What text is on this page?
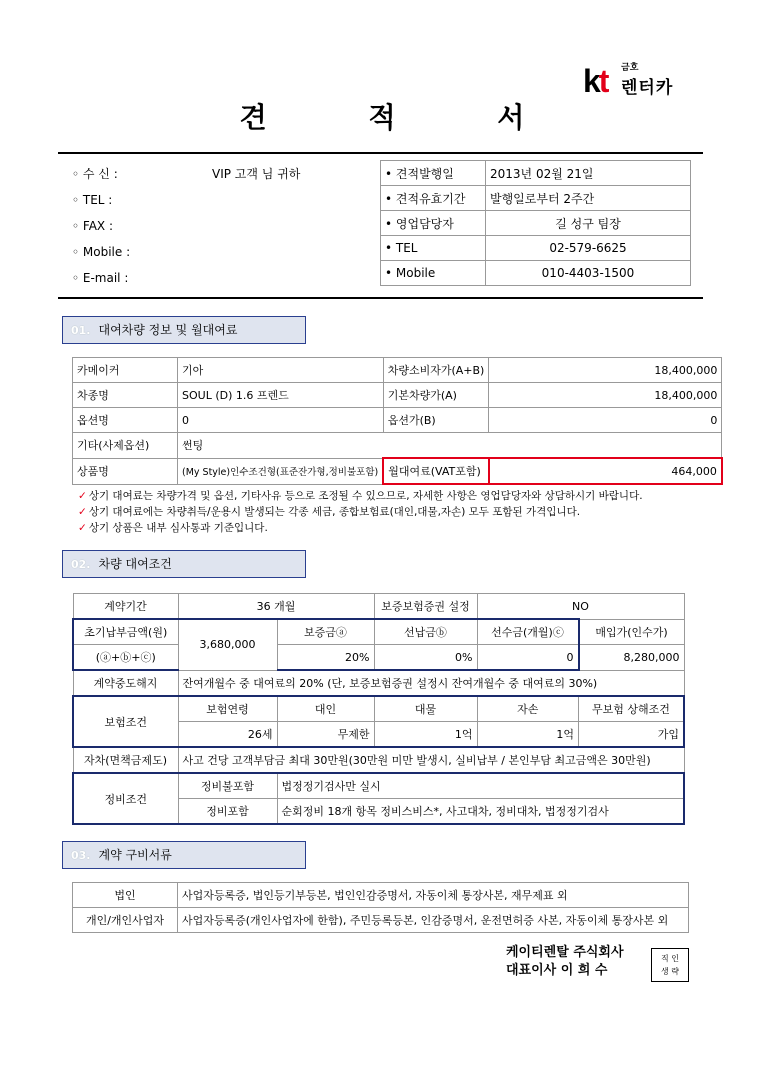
kt 금호
렌터카
견 적 서
◦ 수 신 :	VIP 고객 님 귀하
◦ TEL :
◦ FAX :
◦ Mobile :
◦ E-mail :
• 견적발행일	2013년 02월 21일
• 견적유효기간	발행일로부터 2주간
• 영업담당자	길 성구 팀장
• TEL	02-579-6625
• Mobile	010-4403-1500
01. 대여차량 정보 및 월대여료
카메이커	기아	차량소비자가(A+B)	18,400,000
차종명	SOUL (D) 1.6 프렌드	기본차량가(A)	18,400,000
옵션명	0	옵션가(B)	0
기타(사제옵션)	썬팅		
상품명	(My Style)인수조건형(표준잔가형,정비불포함)	월대여료(VAT포함)	464,000
✓ 상기 대여료는 차량가격 및 옵션, 기타사유 등으로 조정될 수 있으므로, 자세한 사항은 영업담당자와 상담하시기 바랍니다.
✓ 상기 대여료에는 차량취득/운용시 발생되는 각종 세금, 종합보험료(대인,대물,자손) 모두 포함된 가격입니다.
✓ 상기 상품은 내부 심사통과 기준입니다.
02. 차량 대여조건
계약기간	36 개월		보증보험증권 설정	NO	
초기납부금액(원)	3,680,000	보증금ⓐ	선납금ⓑ	선수금(개월)ⓒ	매입가(인수가)
(ⓐ+ⓑ+ⓒ)		20%	0%	0	8,280,000
계약중도해지	잔여개월수 중 대여료의 20% (단, 보증보험증권 설정시 잔여개월수 중 대여료의 30%)				
보험조건	보험연령	대인	대물	자손	무보험 상해조건
	26세	무제한	1억	1억	가입
자차(면책금제도)	사고 건당 고객부담금 최대 30만원(30만원 미만 발생시, 실비납부 / 본인부담 최고금액은 30만원)				
정비조건	정비불포함	법정정기검사만 실시			
	정비포함	순회정비 18개 항목 정비스비스*, 사고대차, 정비대차, 법정정기검사			
03. 계약 구비서류
법인	사업자등록증, 법인등기부등본, 법인인감증명서, 자동이체 통장사본, 재무제표 외
개인/개인사업자	사업자등록증(개인사업자에 한함), 주민등록등본, 인감증명서, 운전면허증 사본, 자동이체 통장사본 외
케이티렌탈 주식회사
대표이사 이 희 수
직 인
생 략
